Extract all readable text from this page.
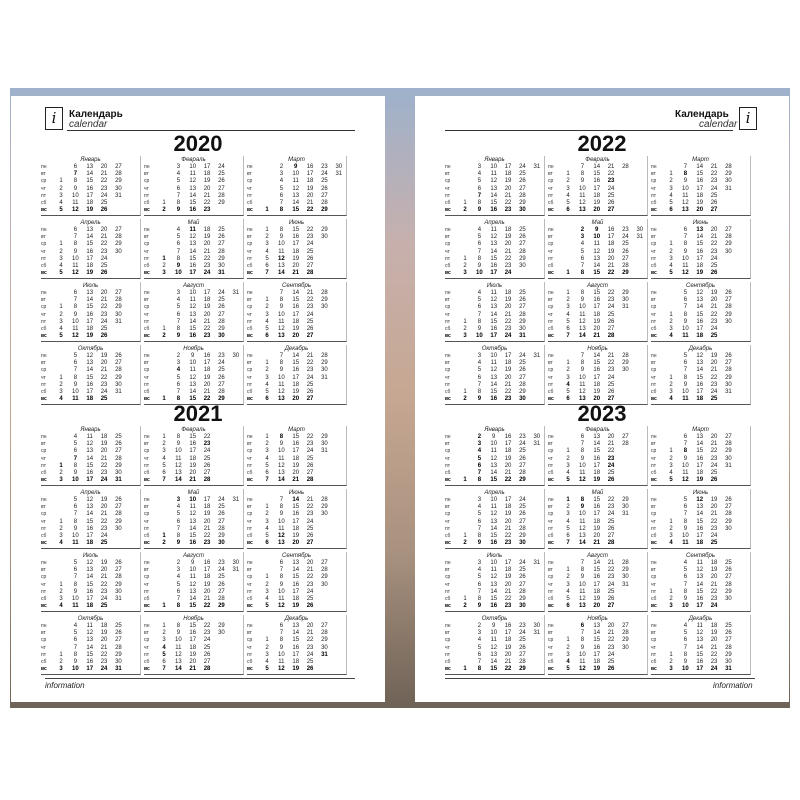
i	Календарь
calendar
2020
Январь
пн		6	13	20	27	
вт		7	14	21	28	
ср	1	8	15	22	29	
чт	2	9	16	23	30	
пт	3	10	17	24	31	
сб	4	11	18	25		
вс	5	12	19	26		
Февраль
пн		3	10	17	24	
вт		4	11	18	25	
ср		5	12	19	26	
чт		6	13	20	27	
пт		7	14	21	28	
сб	1	8	15	22	29	
вс	2	9	16	23		
Март
пн		2	9	16	23	30
вт		3	10	17	24	31
ср		4	11	18	25	
чт		5	12	19	26	
пт		6	13	20	27	
сб		7	14	21	28	
вс	1	8	15	22	29	
Апрель
пн		6	13	20	27	
вт		7	14	21	28	
ср	1	8	15	22	29	
чт	2	9	16	23	30	
пт	3	10	17	24		
сб	4	11	18	25		
вс	5	12	19	26		
Май
пн		4	11	18	25	
вт		5	12	19	26	
ср		6	13	20	27	
чт		7	14	21	28	
пт	1	8	15	22	29	
сб	2	9	16	23	30	
вс	3	10	17	24	31	
Июнь
пн	1	8	15	22	29	
вт	2	9	16	23	30	
ср	3	10	17	24		
чт	4	11	18	25		
пт	5	12	19	26		
сб	6	13	20	27		
вс	7	14	21	28		
Июль
пн		6	13	20	27	
вт		7	14	21	28	
ср	1	8	15	22	29	
чт	2	9	16	23	30	
пт	3	10	17	24	31	
сб	4	11	18	25		
вс	5	12	19	26		
Август
пн		3	10	17	24	31
вт		4	11	18	25	
ср		5	12	19	26	
чт		6	13	20	27	
пт		7	14	21	28	
сб	1	8	15	22	29	
вс	2	9	16	23	30	
Сентябрь
пн		7	14	21	28	
вт	1	8	15	22	29	
ср	2	9	16	23	30	
чт	3	10	17	24		
пт	4	11	18	25		
сб	5	12	19	26		
вс	6	13	20	27		
Октябрь
пн		5	12	19	26	
вт		6	13	20	27	
ср		7	14	21	28	
чт	1	8	15	22	29	
пт	2	9	16	23	30	
сб	3	10	17	24	31	
вс	4	11	18	25		
Ноябрь
пн		2	9	16	23	30
вт		3	10	17	24	
ср		4	11	18	25	
чт		5	12	19	26	
пт		6	13	20	27	
сб		7	14	21	28	
вс	1	8	15	22	29	
Декабрь
пн		7	14	21	28	
вт	1	8	15	22	29	
ср	2	9	16	23	30	
чт	3	10	17	24	31	
пт	4	11	18	25		
сб	5	12	19	26		
вс	6	13	20	27		
2021
Январь
пн		4	11	18	25	
вт		5	12	19	26	
ср		6	13	20	27	
чт		7	14	21	28	
пт	1	8	15	22	29	
сб	2	9	16	23	30	
вс	3	10	17	24	31	
Февраль
пн	1	8	15	22		
вт	2	9	16	23		
ср	3	10	17	24		
чт	4	11	18	25		
пт	5	12	19	26		
сб	6	13	20	27		
вс	7	14	21	28		
Март
пн	1	8	15	22	29	
вт	2	9	16	23	30	
ср	3	10	17	24	31	
чт	4	11	18	25		
пт	5	12	19	26		
сб	6	13	20	27		
вс	7	14	21	28		
Апрель
пн		5	12	19	26	
вт		6	13	20	27	
ср		7	14	21	28	
чт	1	8	15	22	29	
пт	2	9	16	23	30	
сб	3	10	17	24		
вс	4	11	18	25		
Май
пн		3	10	17	24	31
вт		4	11	18	25	
ср		5	12	19	26	
чт		6	13	20	27	
пт		7	14	21	28	
сб	1	8	15	22	29	
вс	2	9	16	23	30	
Июнь
пн		7	14	21	28	
вт	1	8	15	22	29	
ср	2	9	16	23	30	
чт	3	10	17	24		
пт	4	11	18	25		
сб	5	12	19	26		
вс	6	13	20	27		
Июль
пн		5	12	19	26	
вт		6	13	20	27	
ср		7	14	21	28	
чт	1	8	15	22	29	
пт	2	9	16	23	30	
сб	3	10	17	24	31	
вс	4	11	18	25		
Август
пн		2	9	16	23	30
вт		3	10	17	24	31
ср		4	11	18	25	
чт		5	12	19	26	
пт		6	13	20	27	
сб		7	14	21	28	
вс	1	8	15	22	29	
Сентябрь
пн		6	13	20	27	
вт		7	14	21	28	
ср	1	8	15	22	29	
чт	2	9	16	23	30	
пт	3	10	17	24		
сб	4	11	18	25		
вс	5	12	19	26		
Октябрь
пн		4	11	18	25	
вт		5	12	19	26	
ср		6	13	20	27	
чт		7	14	21	28	
пт	1	8	15	22	29	
сб	2	9	16	23	30	
вс	3	10	17	24	31	
Ноябрь
пн	1	8	15	22	29	
вт	2	9	16	23	30	
ср	3	10	17	24		
чт	4	11	18	25		
пт	5	12	19	26		
сб	6	13	20	27		
вс	7	14	21	28		
Декабрь
пн		6	13	20	27	
вт		7	14	21	28	
ср	1	8	15	22	29	
чт	2	9	16	23	30	
пт	3	10	17	24	31	
сб	4	11	18	25		
вс	5	12	19	26		
information
Календарь
calendar i
2022
Январь
пн		3	10	17	24	31
вт		4	11	18	25	
ср		5	12	19	26	
чт		6	13	20	27	
пт		7	14	21	28	
сб	1	8	15	22	29	
вс	2	9	16	23	30	
Февраль
пн		7	14	21	28	
вт	1	8	15	22		
ср	2	9	16	23		
чт	3	10	17	24		
пт	4	11	18	25		
сб	5	12	19	26		
вс	6	13	20	27		
Март
пн		7	14	21	28	
вт	1	8	15	22	29	
ср	2	9	16	23	30	
чт	3	10	17	24	31	
пт	4	11	18	25		
сб	5	12	19	26		
вс	6	13	20	27		
Апрель
пн		4	11	18	25	
вт		5	12	19	26	
ср		6	13	20	27	
чт		7	14	21	28	
пт	1	8	15	22	29	
сб	2	9	16	23	30	
вс	3	10	17	24		
Май
пн		2	9	16	23	30
вт		3	10	17	24	31
ср		4	11	18	25	
чт		5	12	19	26	
пт		6	13	20	27	
сб		7	14	21	28	
вс	1	8	15	22	29	
Июнь
пн		6	13	20	27	
вт		7	14	21	28	
ср	1	8	15	22	29	
чт	2	9	16	23	30	
пт	3	10	17	24		
сб	4	11	18	25		
вс	5	12	19	26		
Июль
пн		4	11	18	25	
вт		5	12	19	26	
ср		6	13	20	27	
чт		7	14	21	28	
пт	1	8	15	22	29	
сб	2	9	16	23	30	
вс	3	10	17	24	31	
Август
пн	1	8	15	22	29	
вт	2	9	16	23	30	
ср	3	10	17	24	31	
чт	4	11	18	25		
пт	5	12	19	26		
сб	6	13	20	27		
вс	7	14	21	28		
Сентябрь
пн		5	12	19	26	
вт		6	13	20	27	
ср		7	14	21	28	
чт	1	8	15	22	29	
пт	2	9	16	23	30	
сб	3	10	17	24		
вс	4	11	18	25		
Октябрь
пн		3	10	17	24	31
вт		4	11	18	25	
ср		5	12	19	26	
чт		6	13	20	27	
пт		7	14	21	28	
сб	1	8	15	22	29	
вс	2	9	16	23	30	
Ноябрь
пн		7	14	21	28	
вт	1	8	15	22	29	
ср	2	9	16	23	30	
чт	3	10	17	24		
пт	4	11	18	25		
сб	5	12	19	26		
вс	6	13	20	27		
Декабрь
пн		5	12	19	26	
вт		6	13	20	27	
ср		7	14	21	28	
чт	1	8	15	22	29	
пт	2	9	16	23	30	
сб	3	10	17	24	31	
вс	4	11	18	25		
2023
Январь
пн		2	9	16	23	30
вт		3	10	17	24	31
ср		4	11	18	25	
чт		5	12	19	26	
пт		6	13	20	27	
сб		7	14	21	28	
вс	1	8	15	22	29	
Февраль
пн		6	13	20	27	
вт		7	14	21	28	
ср	1	8	15	22		
чт	2	9	16	23		
пт	3	10	17	24		
сб	4	11	18	25		
вс	5	12	19	26		
Март
пн		6	13	20	27	
вт		7	14	21	28	
ср	1	8	15	22	29	
чт	2	9	16	23	30	
пт	3	10	17	24	31	
сб	4	11	18	25		
вс	5	12	19	26		
Апрель
пн		3	10	17	24	
вт		4	11	18	25	
ср		5	12	19	26	
чт		6	13	20	27	
пт		7	14	21	28	
сб	1	8	15	22	29	
вс	2	9	16	23	30	
Май
пн	1	8	15	22	29	
вт	2	9	16	23	30	
ср	3	10	17	24	31	
чт	4	11	18	25		
пт	5	12	19	26		
сб	6	13	20	27		
вс	7	14	21	28		
Июнь
пн		5	12	19	26	
вт		6	13	20	27	
ср		7	14	21	28	
чт	1	8	15	22	29	
пт	2	9	16	23	30	
сб	3	10	17	24		
вс	4	11	18	25		
Июль
пн		3	10	17	24	31
вт		4	11	18	25	
ср		5	12	19	26	
чт		6	13	20	27	
пт		7	14	21	28	
сб	1	8	15	22	29	
вс	2	9	16	23	30	
Август
пн		7	14	21	28	
вт	1	8	15	22	29	
ср	2	9	16	23	30	
чт	3	10	17	24	31	
пт	4	11	18	25		
сб	5	12	19	26		
вс	6	13	20	27		
Сентябрь
пн		4	11	18	25	
вт		5	12	19	26	
ср		6	13	20	27	
чт		7	14	21	28	
пт	1	8	15	22	29	
сб	2	9	16	23	30	
вс	3	10	17	24		
Октябрь
пн		2	9	16	23	30
вт		3	10	17	24	31
ср		4	11	18	25	
чт		5	12	19	26	
пт		6	13	20	27	
сб		7	14	21	28	
вс	1	8	15	22	29	
Ноябрь
пн		6	13	20	27	
вт		7	14	21	28	
ср	1	8	15	22	29	
чт	2	9	16	23	30	
пт	3	10	17	24		
сб	4	11	18	25		
вс	5	12	19	26		
Декабрь
пн		4	11	18	25	
вт		5	12	19	26	
ср		6	13	20	27	
чт		7	14	21	28	
пт	1	8	15	22	29	
сб	2	9	16	23	30	
вс	3	10	17	24	31	
information
